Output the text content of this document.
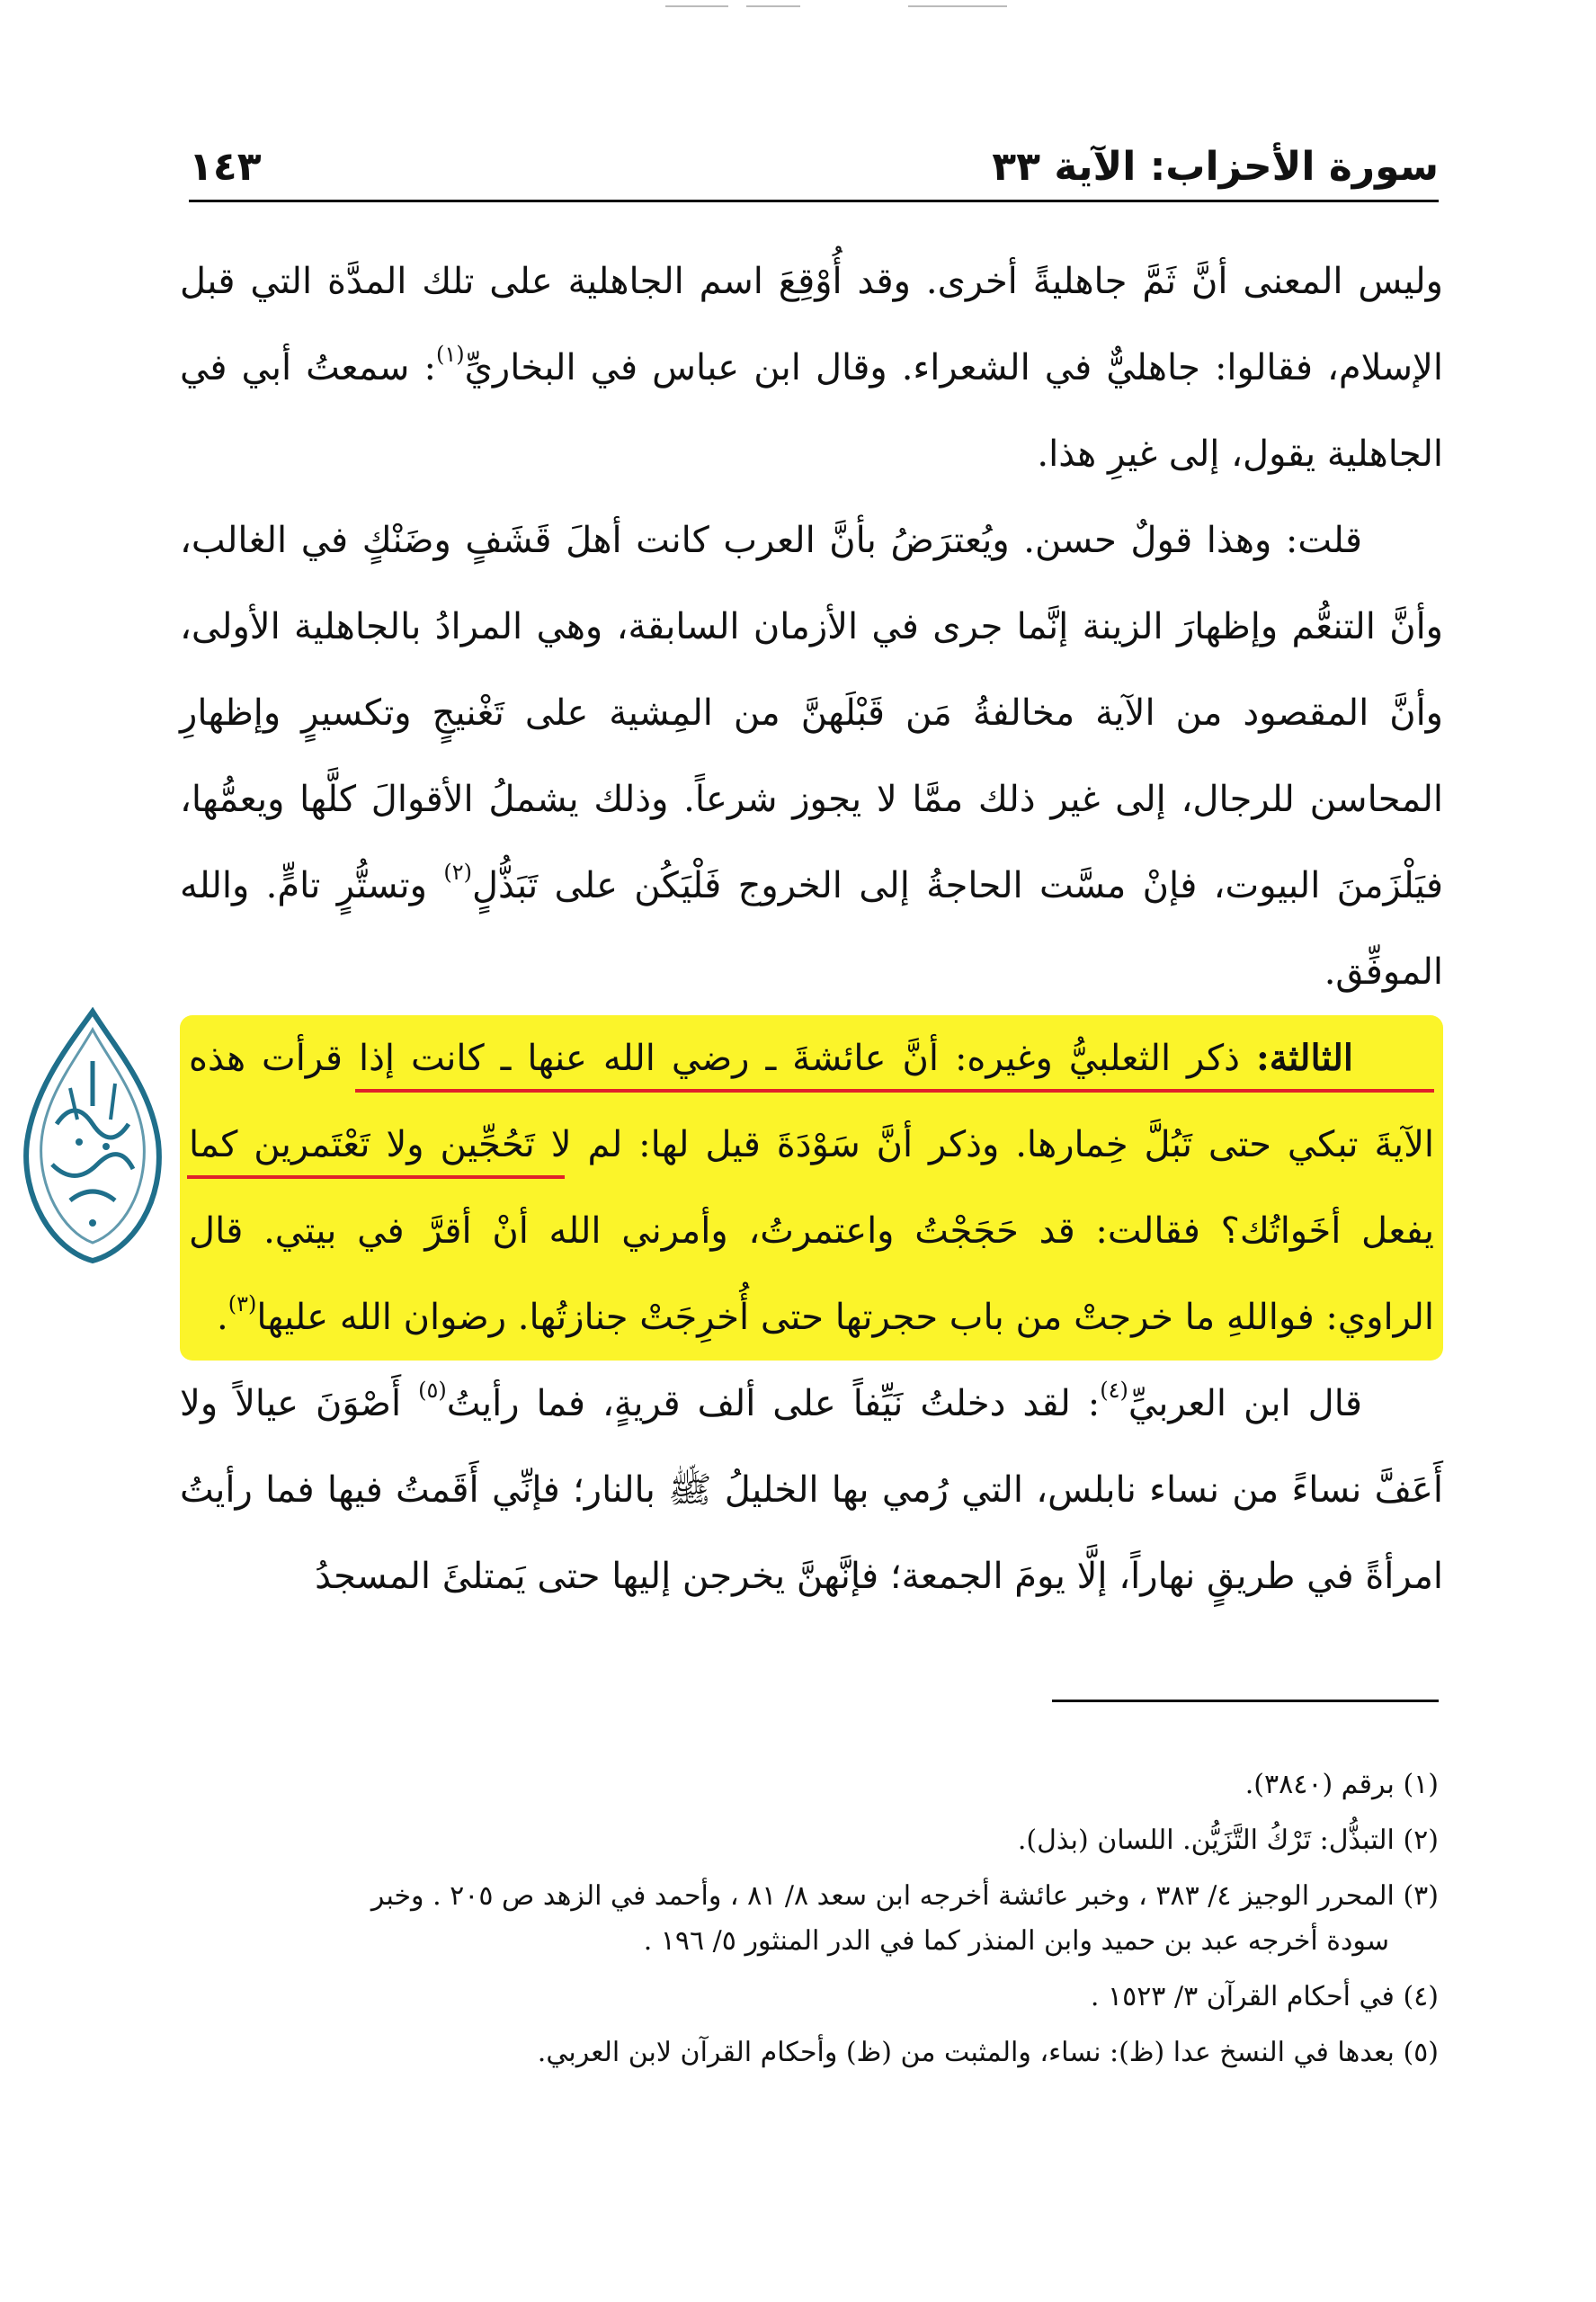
سورة الأحزاب: الآية ٣٣
١٤٣

وليس المعنى أنَّ ثَمَّ جاهليةً أخرى. وقد أُوْقِعَ اسم الجاهلية على تلك المدَّة التي قبل الإسلام، فقالوا: جاهليٌّ في الشعراء. وقال ابن عباس في البخاريِّ$^{(١)}$: سمعتُ أبي في الجاهلية يقول، إلى غيرِ هذا.

قلت: وهذا قولٌ حسن. ويُعترَضُ بأنَّ العرب كانت أهلَ قَشَفٍ وضَنْكٍ في الغالب، وأنَّ التنعُّم وإظهارَ الزينة إنَّما جرى في الأزمان السابقة، وهي المرادُ بالجاهلية الأولى، وأنَّ المقصود من الآية مخالفةُ مَن قَبْلَهنَّ من المِشية على تَغْنيجٍ وتكسيرٍ وإظهارِ المحاسن للرجال، إلى غير ذلك ممَّا لا يجوز شرعاً. وذلك يشملُ الأقوالَ كلَّها ويعمُّها، فيَلْزَمنَ البيوت، فإنْ مسَّت الحاجةُ إلى الخروج فَلْيَكُن على تَبَذُّلٍ$^{(٢)}$ وتستُّرٍ تامٍّ. والله الموفِّق.

الثالثة: ذكر الثعلبيُّ وغيره: أنَّ عائشةَ ـ رضي الله عنها ـ كانت إذا قرأت هذه الآيةَ تبكي حتى تَبُلَّ خِمارها. وذكر أنَّ سَوْدَةَ قيل لها: لم لا تَحُجِّين ولا تَعْتَمرين كما يفعل أخَواتُك؟ فقالت: قد حَجَجْتُ واعتمرتُ، وأمرني الله أنْ أقرَّ في بيتي. قال الراوي: فواللهِ ما خرجتْ من باب حجرتها حتى أُخرِجَتْ جنازتُها. رضوان الله عليها$^{(٣)}$.

قال ابن العربيِّ$^{(٤)}$: لقد دخلتُ نَيِّفاً على ألف قريةٍ، فما رأيتُ$^{(٥)}$ أَصْوَنَ عيالاً ولا أَعَفَّ نساءً من نساء نابلس، التي رُمي بها الخليلُ ﷺ بالنار؛ فإنِّي أَقَمتُ فيها فما رأيتُ امرأةً في طريقٍ نهاراً، إلَّا يومَ الجمعة؛ فإنَّهنَّ يخرجن إليها حتى يَمتلئَ المسجدُ

(١) برقم (٣٨٤٠).

(٢) التبذُّل: تَرْكُ التَّزَيُّن. اللسان (بذل).

(٣) المحرر الوجيز ٤/ ٣٨٣ ، وخبر عائشة أخرجه ابن سعد ٨/ ٨١ ، وأحمد في الزهد ص ٢٠٥ . وخبر
سودة أخرجه عبد بن حميد وابن المنذر كما في الدر المنثور ٥/ ١٩٦ .

(٤) في أحكام القرآن ٣/ ١٥٢٣ .

(٥) بعدها في النسخ عدا (ظ): نساء، والمثبت من (ظ) وأحكام القرآن لابن العربي.
